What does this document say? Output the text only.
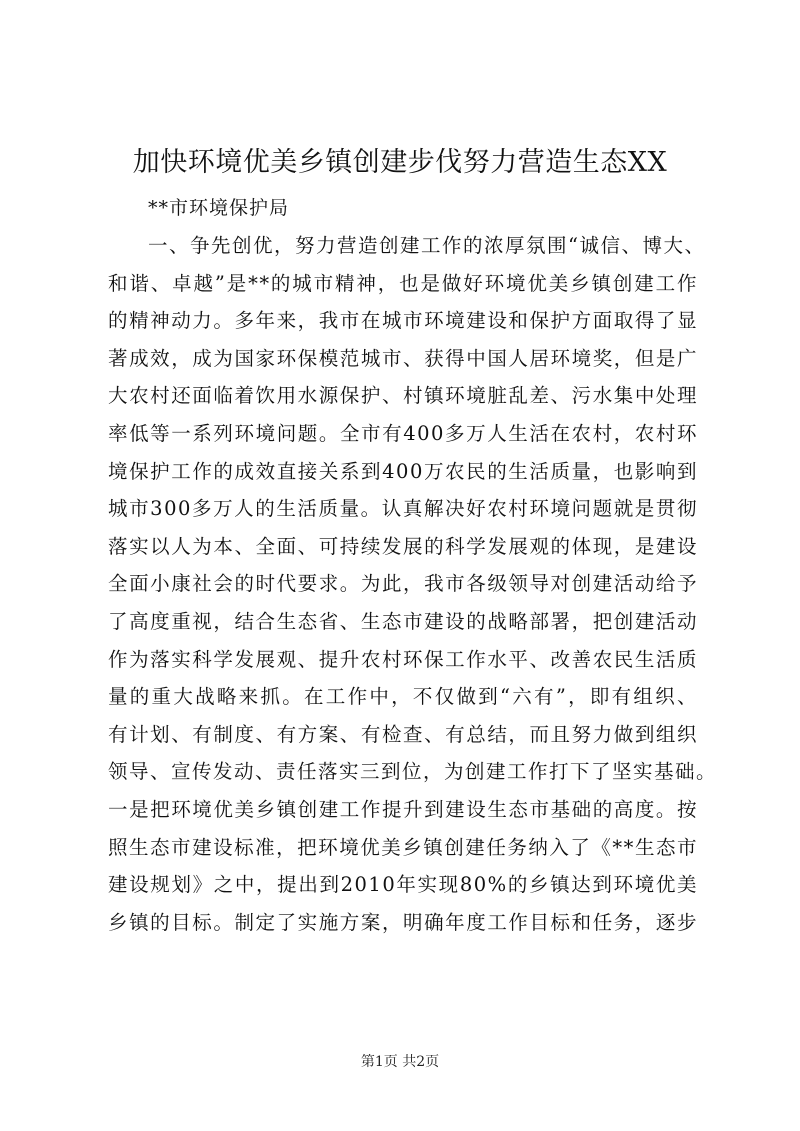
加快环境优美乡镇创建步伐努力营造生态XX
**市环境保护局
一、争先创优，努力营造创建工作的浓厚氛围“诚信、博大、
和谐、卓越”是**的城市精神，也是做好环境优美乡镇创建工作
的精神动力。多年来，我市在城市环境建设和保护方面取得了显
著成效，成为国家环保模范城市、获得中国人居环境奖，但是广
大农村还面临着饮用水源保护、村镇环境脏乱差、污水集中处理
率低等一系列环境问题。全市有400多万人生活在农村，农村环
境保护工作的成效直接关系到400万农民的生活质量，也影响到
城市300多万人的生活质量。认真解决好农村环境问题就是贯彻
落实以人为本、全面、可持续发展的科学发展观的体现，是建设
全面小康社会的时代要求。为此，我市各级领导对创建活动给予
了高度重视，结合生态省、生态市建设的战略部署，把创建活动
作为落实科学发展观、提升农村环保工作水平、改善农民生活质
量的重大战略来抓。在工作中，不仅做到“六有”，即有组织、
有计划、有制度、有方案、有检查、有总结，而且努力做到组织
领导、宣传发动、责任落实三到位，为创建工作打下了坚实基础。
一是把环境优美乡镇创建工作提升到建设生态市基础的高度。按
照生态市建设标准，把环境优美乡镇创建任务纳入了《**生态市
建设规划》之中，提出到2010年实现80%的乡镇达到环境优美
乡镇的目标。制定了实施方案，明确年度工作目标和任务，逐步
第1页 共2页
